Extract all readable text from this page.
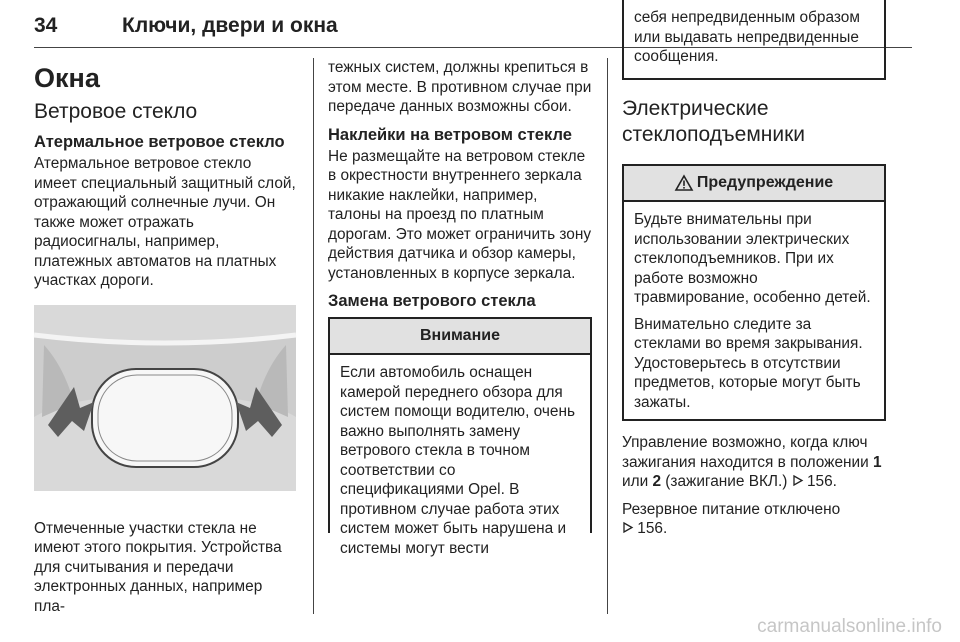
34	Ключи, двери и окна
Окна
Ветровое стекло
Атермальное ветровое стекло
Атермальное ветровое стекло имеет специальный защитный слой, отражающий солнечные лучи. Он также может отражать радиосигналы, например, платежных автоматов на платных участках дороги.
Отмеченные участки стекла не имеют этого покрытия. Устройства для считывания и передачи электронных данных, например пла-
тежных систем, должны крепиться в этом месте. В противном случае при передаче данных возможны сбои.
Наклейки на ветровом стекле
Не размещайте на ветровом стекле в окрестности внутреннего зеркала никакие наклейки, например, талоны на проезд по платным дорогам. Это может ограничить зону действия датчика и обзор камеры, установленных в корпусе зеркала.
Замена ветрового стекла
Внимание
Если автомобиль оснащен камерой переднего обзора для систем помощи водителю, очень важно выполнять замену ветрового стекла в точном соответствии со спецификациями Opel. В противном случае работа этих систем может быть нарушена и системы могут вести
себя непредвиденным образом или выдавать непредвиденные сообщения.
Электрические стеклоподъемники
Предупреждение
Будьте внимательны при использовании электрических стеклоподъемников. При их работе возможно травмирование, особенно детей.
Внимательно следите за стеклами во время закрывания. Удостоверьтесь в отсутствии предметов, которые могут быть зажаты.
Управление возможно, когда ключ зажигания находится в положении 1 или 2 (зажигание ВКЛ.)  156.
Резервное питание отключено
156.
carmanualsonline.info
